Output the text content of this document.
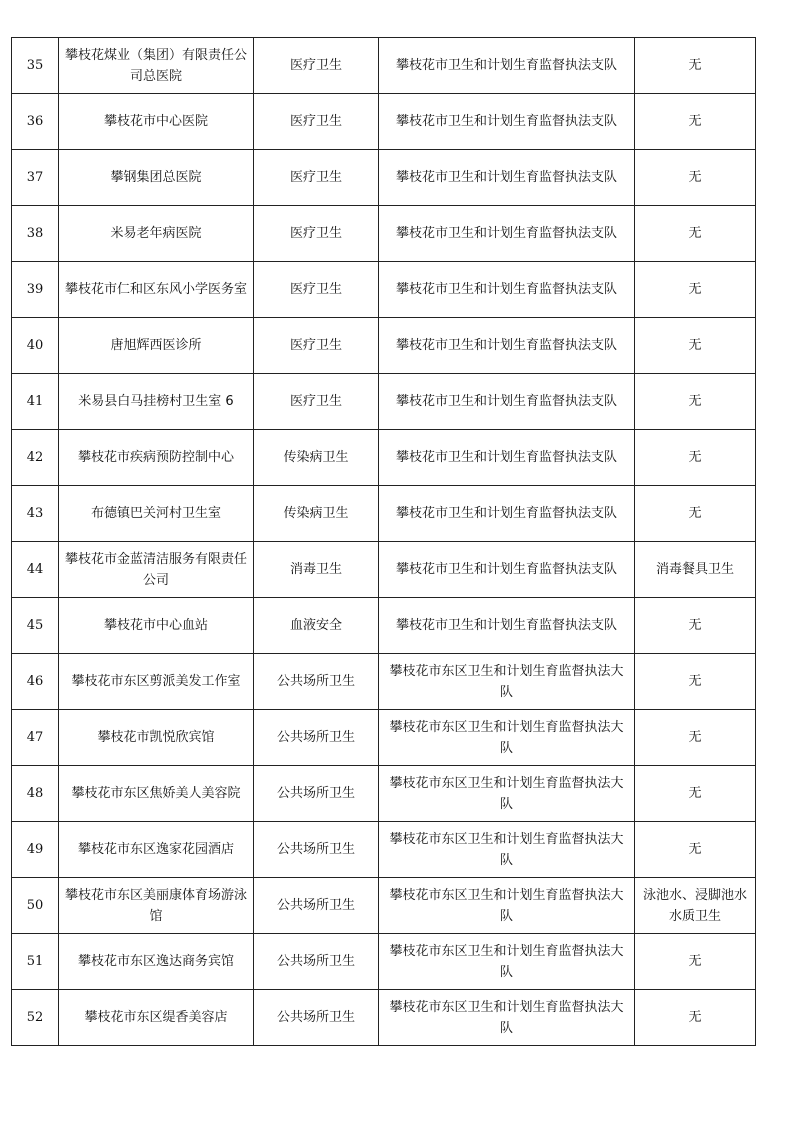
35	攀枝花煤业（集团）有限责任公司总医院	医疗卫生	攀枝花市卫生和计划生育监督执法支队	无
36	攀枝花市中心医院	医疗卫生	攀枝花市卫生和计划生育监督执法支队	无
37	攀钢集团总医院	医疗卫生	攀枝花市卫生和计划生育监督执法支队	无
38	米易老年病医院	医疗卫生	攀枝花市卫生和计划生育监督执法支队	无
39	攀枝花市仁和区东风小学医务室	医疗卫生	攀枝花市卫生和计划生育监督执法支队	无
40	唐旭辉西医诊所	医疗卫生	攀枝花市卫生和计划生育监督执法支队	无
41	米易县白马挂榜村卫生室 6	医疗卫生	攀枝花市卫生和计划生育监督执法支队	无
42	攀枝花市疾病预防控制中心	传染病卫生	攀枝花市卫生和计划生育监督执法支队	无
43	布德镇巴关河村卫生室	传染病卫生	攀枝花市卫生和计划生育监督执法支队	无
44	攀枝花市金蓝清洁服务有限责任公司	消毒卫生	攀枝花市卫生和计划生育监督执法支队	消毒餐具卫生
45	攀枝花市中心血站	血液安全	攀枝花市卫生和计划生育监督执法支队	无
46	攀枝花市东区剪派美发工作室	公共场所卫生	攀枝花市东区卫生和计划生育监督执法大队	无
47	攀枝花市凯悦欣宾馆	公共场所卫生	攀枝花市东区卫生和计划生育监督执法大队	无
48	攀枝花市东区焦娇美人美容院	公共场所卫生	攀枝花市东区卫生和计划生育监督执法大队	无
49	攀枝花市东区逸家花园酒店	公共场所卫生	攀枝花市东区卫生和计划生育监督执法大队	无
50	攀枝花市东区美丽康体育场游泳馆	公共场所卫生	攀枝花市东区卫生和计划生育监督执法大队	泳池水、浸脚池水水质卫生
51	攀枝花市东区逸达商务宾馆	公共场所卫生	攀枝花市东区卫生和计划生育监督执法大队	无
52	攀枝花市东区缇香美容店	公共场所卫生	攀枝花市东区卫生和计划生育监督执法大队	无
